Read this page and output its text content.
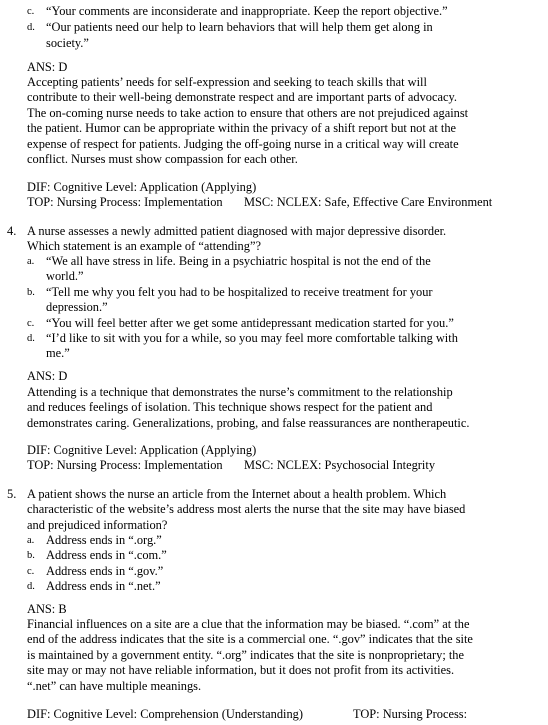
c. “Your comments are inconsiderate and inappropriate. Keep the report objective.”
d. “Our patients need our help to learn behaviors that will help them get along in
society.”
ANS: D
Accepting patients’ needs for self-expression and seeking to teach skills that will
contribute to their well-being demonstrate respect and are important parts of advocacy.
The on-coming nurse needs to take action to ensure that others are not prejudiced against
the patient. Humor can be appropriate within the privacy of a shift report but not at the
expense of respect for patients. Judging the off-going nurse in a critical way will create
conflict. Nurses must show compassion for each other.
DIF: Cognitive Level: Application (Applying)
TOP: Nursing Process: Implementation MSC: NCLEX: Safe, Effective Care Environment
4. A nurse assesses a newly admitted patient diagnosed with major depressive disorder.
Which statement is an example of “attending”?
a. “We all have stress in life. Being in a psychiatric hospital is not the end of the
world.”
b. “Tell me why you felt you had to be hospitalized to receive treatment for your
depression.”
c. “You will feel better after we get some antidepressant medication started for you.”
d. “I’d like to sit with you for a while, so you may feel more comfortable talking with
me.”
ANS: D
Attending is a technique that demonstrates the nurse’s commitment to the relationship
and reduces feelings of isolation. This technique shows respect for the patient and
demonstrates caring. Generalizations, probing, and false reassurances are nontherapeutic.
DIF: Cognitive Level: Application (Applying)
TOP: Nursing Process: Implementation MSC: NCLEX: Psychosocial Integrity
5. A patient shows the nurse an article from the Internet about a health problem. Which
characteristic of the website’s address most alerts the nurse that the site may have biased
and prejudiced information?
a. Address ends in “.org.”
b. Address ends in “.com.”
c. Address ends in “.gov.”
d. Address ends in “.net.”
ANS: B
Financial influences on a site are a clue that the information may be biased. “.com” at the
end of the address indicates that the site is a commercial one. “.gov” indicates that the site
is maintained by a government entity. “.org” indicates that the site is nonproprietary; the
site may or may not have reliable information, but it does not profit from its activities.
“.net” can have multiple meanings.
DIF: Cognitive Level: Comprehension (Understanding)	TOP: Nursing Process:
